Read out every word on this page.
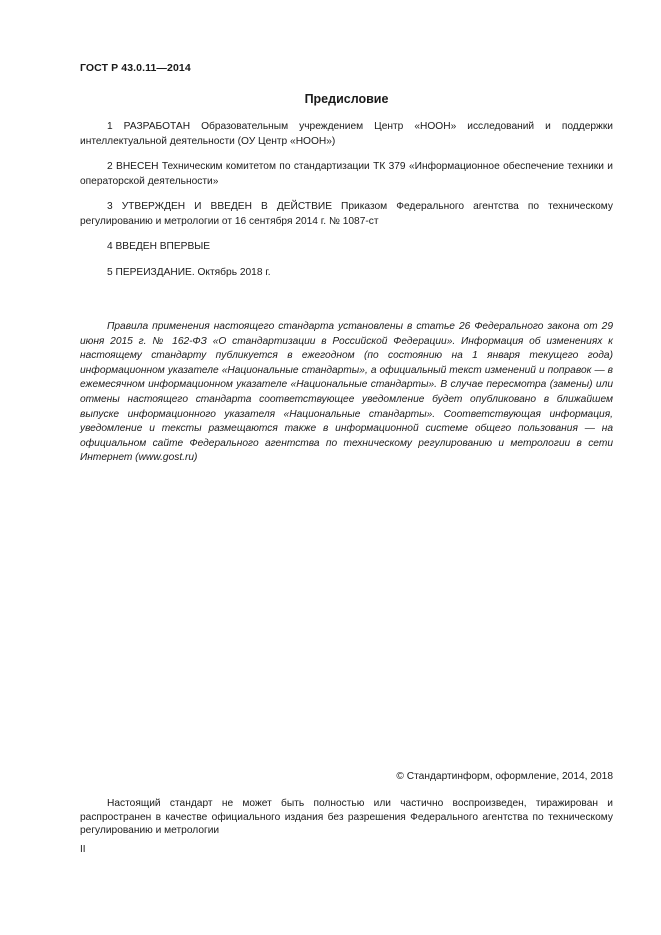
ГОСТ Р 43.0.11—2014
Предисловие

1 РАЗРАБОТАН Образовательным учреждением Центр «НООН» исследований и поддержки интеллектуальной деятельности (ОУ Центр «НООН»)

2 ВНЕСЕН Техническим комитетом по стандартизации ТК 379 «Информационное обеспечение техники и операторской деятельности»

3 УТВЕРЖДЕН И ВВЕДЕН В ДЕЙСТВИЕ Приказом Федерального агентства по техническому регулированию и метрологии от 16 сентября 2014 г. № 1087-ст

4 ВВЕДЕН ВПЕРВЫЕ

5 ПЕРЕИЗДАНИЕ. Октябрь 2018 г.

Правила применения настоящего стандарта установлены в статье 26 Федерального закона от 29 июня 2015 г. № 162-ФЗ «О стандартизации в Российской Федерации». Информация об изменениях к настоящему стандарту публикуется в ежегодном (по состоянию на 1 января текущего года) информационном указателе «Национальные стандарты», а официальный текст изменений и поправок — в ежемесячном информационном указателе «Национальные стандарты». В случае пересмотра (замены) или отмены настоящего стандарта соответствующее уведомление будет опубликовано в ближайшем выпуске информационного указателя «Национальные стандарты». Соответствующая информация, уведомление и тексты размещаются также в информационной системе общего пользования — на официальном сайте Федерального агентства по техническому регулированию и метрологии в сети Интернет (www.gost.ru)

© Стандартинформ, оформление, 2014, 2018

Настоящий стандарт не может быть полностью или частично воспроизведен, тиражирован и распространен в качестве официального издания без разрешения Федерального агентства по техническому регулированию и метрологии

II
